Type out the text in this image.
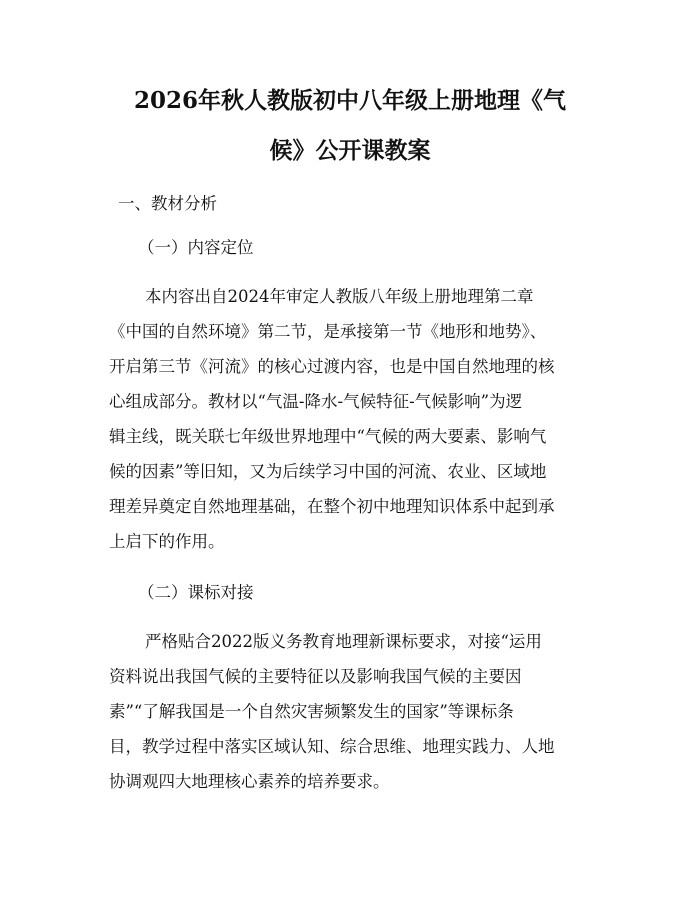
2026年秋人教版初中八年级上册地理《气
候》公开课教案
一、教材分析
（一）内容定位

本内容出自2024年审定人教版八年级上册地理第二章

《中国的自然环境》第二节，是承接第一节《地形和地势》、

开启第三节《河流》的核心过渡内容，也是中国自然地理的核

心组成部分。教材以“气温-降水-气候特征-气候影响”为逻

辑主线，既关联七年级世界地理中“气候的两大要素、影响气

候的因素”等旧知，又为后续学习中国的河流、农业、区域地

理差异奠定自然地理基础，在整个初中地理知识体系中起到承

上启下的作用。

（二）课标对接

严格贴合2022版义务教育地理新课标要求，对接“运用

资料说出我国气候的主要特征以及影响我国气候的主要因

素”“了解我国是一个自然灾害频繁发生的国家”等课标条

目，教学过程中落实区域认知、综合思维、地理实践力、人地

协调观四大地理核心素养的培养要求。
